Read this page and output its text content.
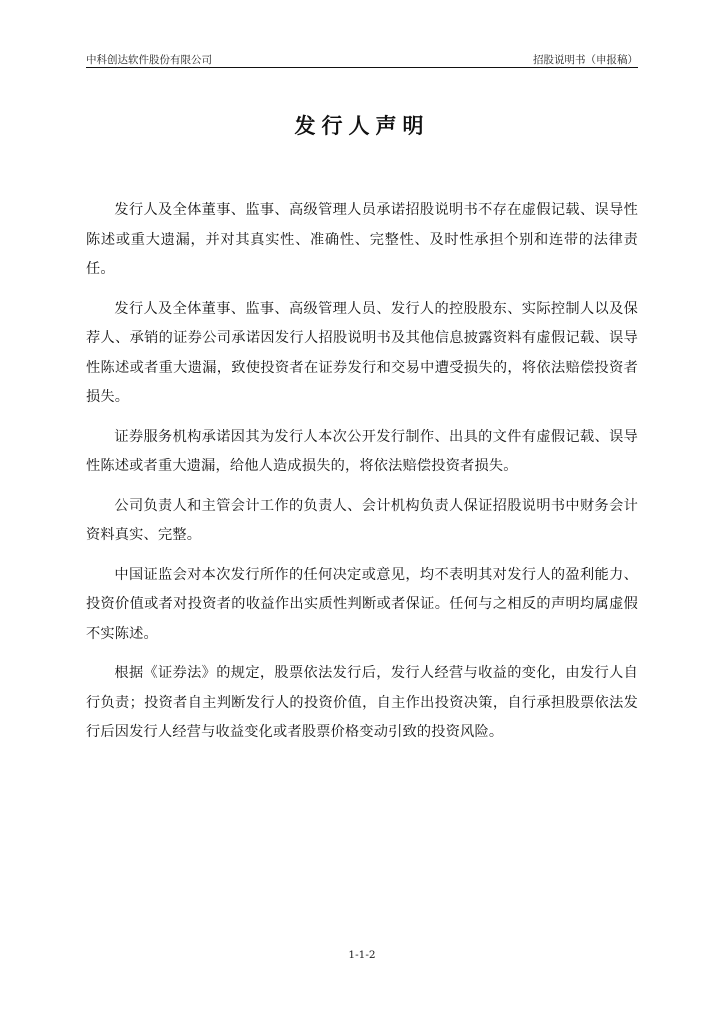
中科创达软件股份有限公司	招股说明书（申报稿）
发行人声明

发行人及全体董事、监事、高级管理人员承诺招股说明书不存在虚假记载、误导性陈述或重大遗漏，并对其真实性、准确性、完整性、及时性承担个别和连带的法律责任。

发行人及全体董事、监事、高级管理人员、发行人的控股股东、实际控制人以及保荐人、承销的证券公司承诺因发行人招股说明书及其他信息披露资料有虚假记载、误导性陈述或者重大遗漏，致使投资者在证券发行和交易中遭受损失的，将依法赔偿投资者损失。

证券服务机构承诺因其为发行人本次公开发行制作、出具的文件有虚假记载、误导性陈述或者重大遗漏，给他人造成损失的，将依法赔偿投资者损失。

公司负责人和主管会计工作的负责人、会计机构负责人保证招股说明书中财务会计资料真实、完整。

中国证监会对本次发行所作的任何决定或意见，均不表明其对发行人的盈利能力、投资价值或者对投资者的收益作出实质性判断或者保证。任何与之相反的声明均属虚假不实陈述。

根据《证券法》的规定，股票依法发行后，发行人经营与收益的变化，由发行人自行负责；投资者自主判断发行人的投资价值，自主作出投资决策，自行承担股票依法发行后因发行人经营与收益变化或者股票价格变动引致的投资风险。

1-1-2
